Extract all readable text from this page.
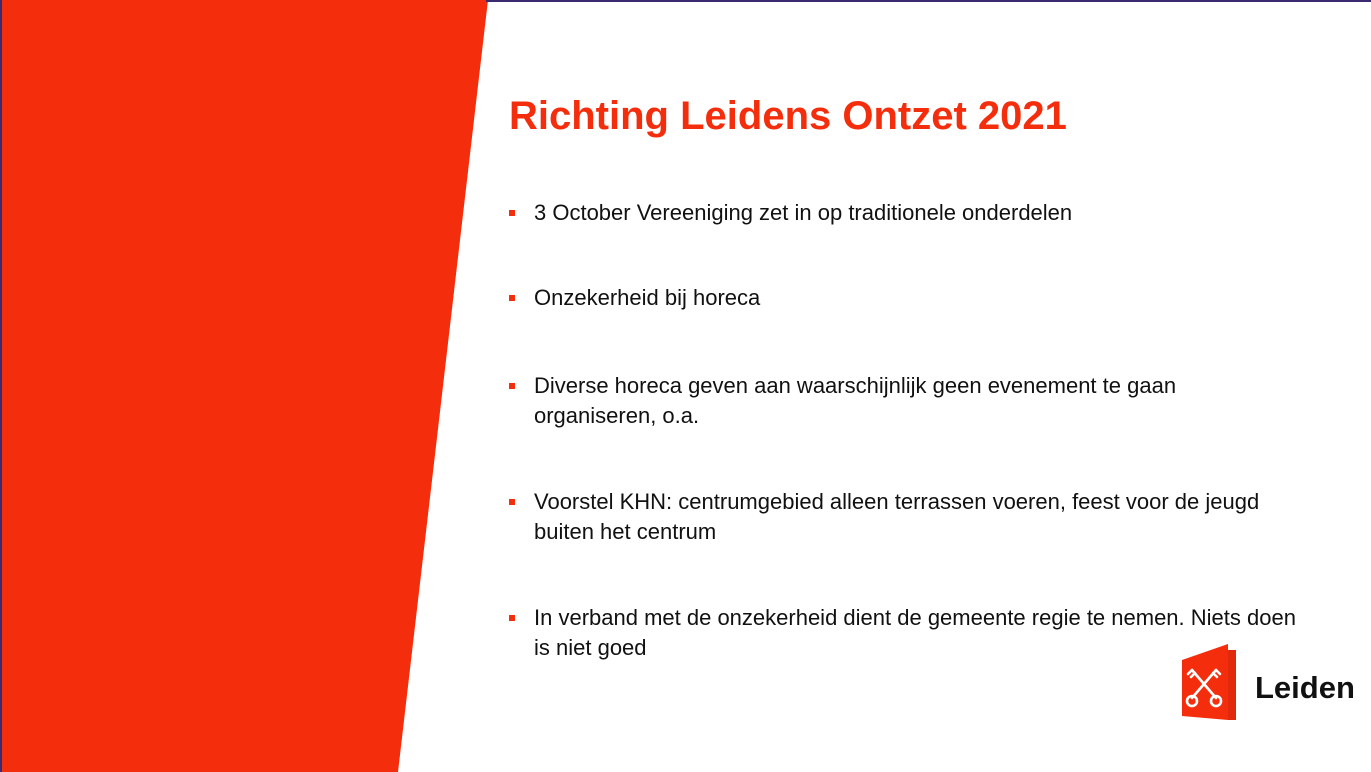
Richting Leidens Ontzet 2021
3 October Vereeniging zet in op traditionele onderdelen
Onzekerheid bij horeca
Diverse horeca geven aan waarschijnlijk geen evenement te gaan organiseren, o.a.
Voorstel KHN: centrumgebied alleen terrassen voeren, feest voor de jeugd buiten het centrum
In verband met de onzekerheid dient de gemeente regie te nemen. Niets doen is niet goed
Leiden
